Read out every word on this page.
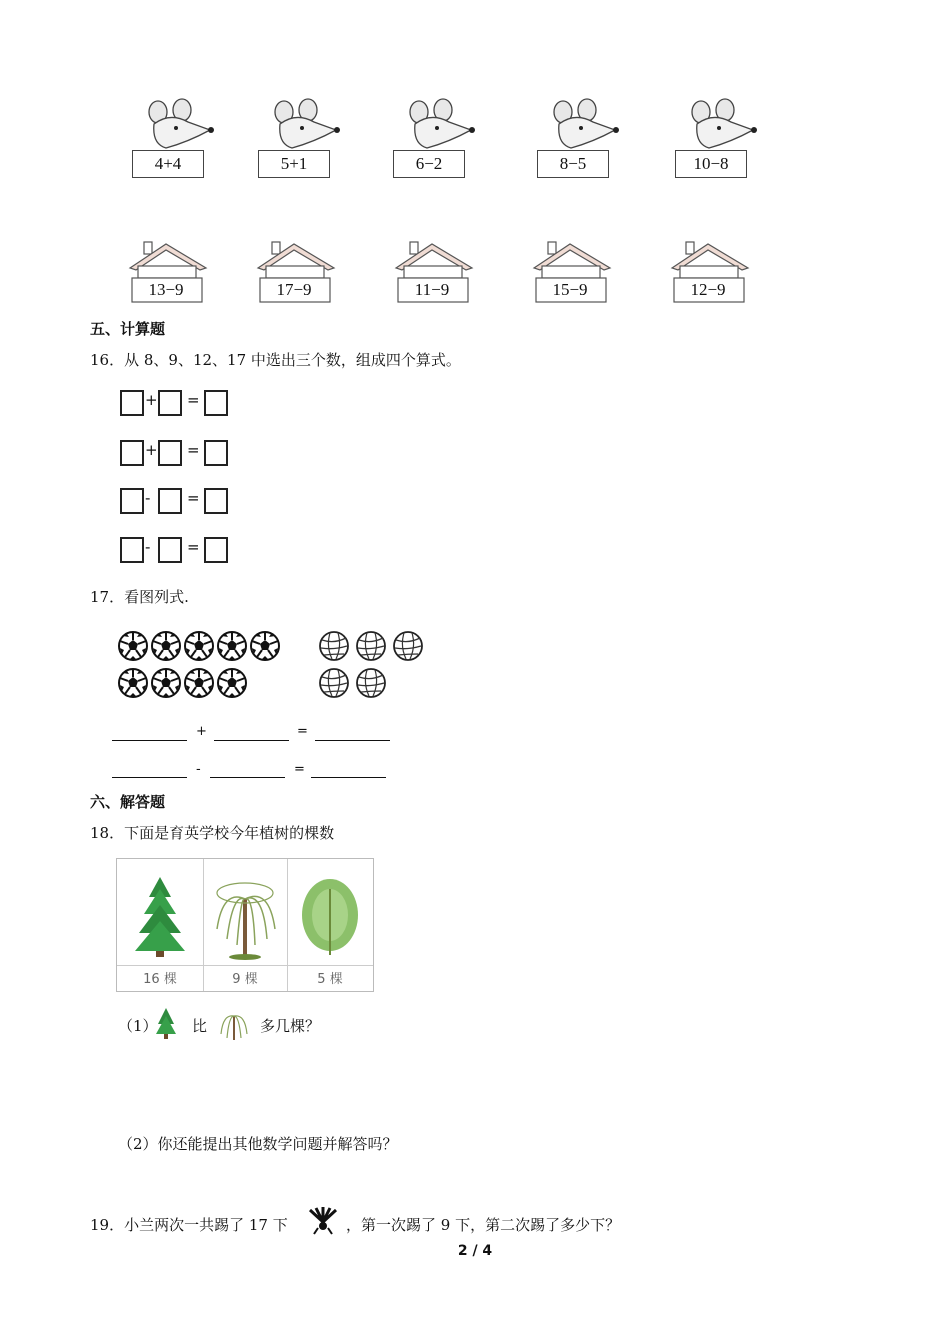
4+4	5+1	6−2	8−5	10−8
13−9	17−9	11−9	15−9	12−9
五、计算题
16．从 8、9、12、17 中选出三个数，组成四个算式。
+ =
+ =
- =
- =
17．看图列式.
+	=
-	=
六、解答题
18．下面是育英学校今年植树的棵数
16 棵	9 棵	5 棵
（1） 比	多几棵？
（2）你还能提出其他数学问题并解答吗？
19．小兰两次一共踢了 17 下	，第一次踢了 9 下，第二次踢了多少下？
2 / 4
